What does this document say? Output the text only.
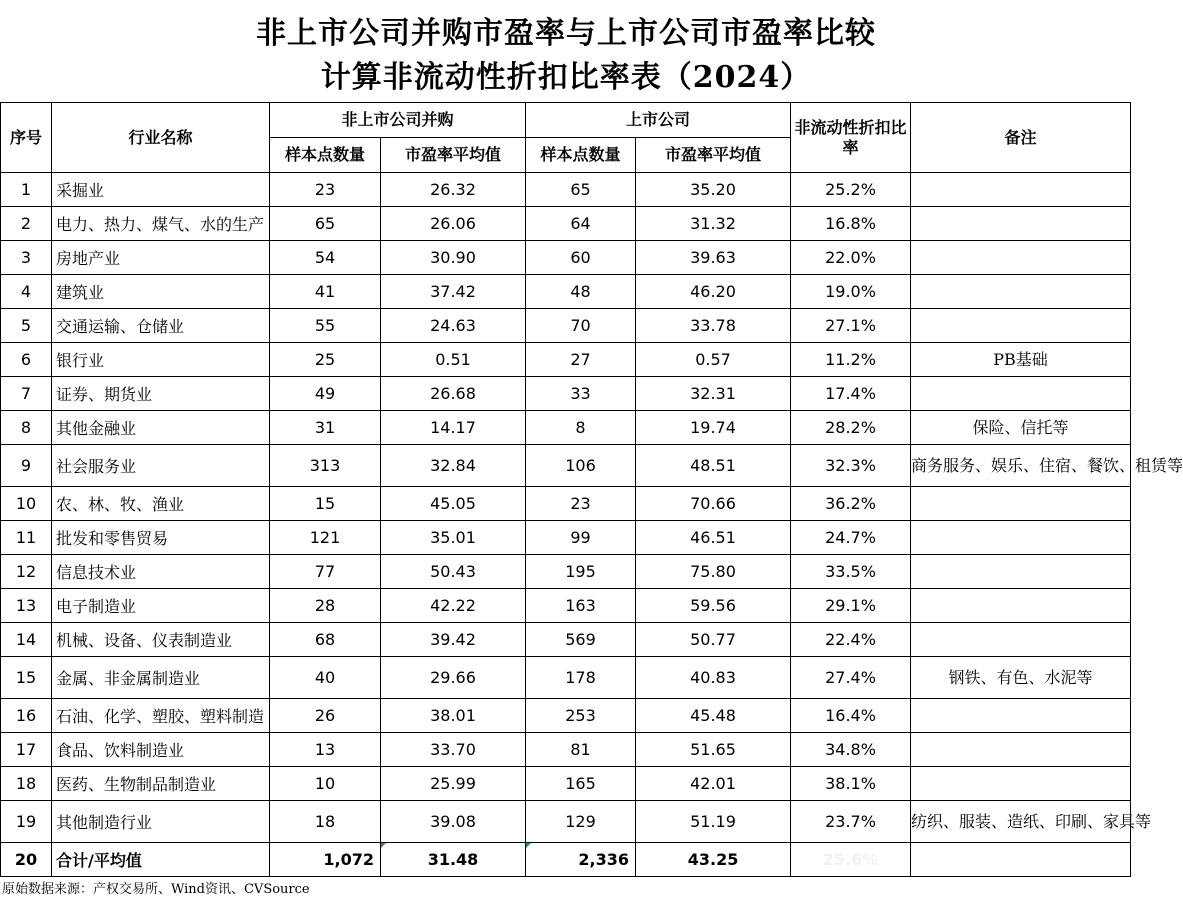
非上市公司并购市盈率与上市公司市盈率比较
计算非流动性折扣比率表（2024）
序号	行业名称	非上市公司并购		上市公司		非流动性折扣比率	备注
		样本点数量	市盈率平均值	样本点数量	市盈率平均值		
1	采掘业	23	26.32	65	35.20	25.2%	
2	电力、热力、煤气、水的生产	65	26.06	64	31.32	16.8%	
3	房地产业	54	30.90	60	39.63	22.0%	
4	建筑业	41	37.42	48	46.20	19.0%	
5	交通运输、仓储业	55	24.63	70	33.78	27.1%	
6	银行业	25	0.51	27	0.57	11.2%	PB基础
7	证券、期货业	49	26.68	33	32.31	17.4%	
8	其他金融业	31	14.17	8	19.74	28.2%	保险、信托等
9	社会服务业	313	32.84	106	48.51	32.3%	商务服务、娱乐、住宿、餐饮、租赁等
10	农、林、牧、渔业	15	45.05	23	70.66	36.2%	
11	批发和零售贸易	121	35.01	99	46.51	24.7%	
12	信息技术业	77	50.43	195	75.80	33.5%	
13	电子制造业	28	42.22	163	59.56	29.1%	
14	机械、设备、仪表制造业	68	39.42	569	50.77	22.4%	
15	金属、非金属制造业	40	29.66	178	40.83	27.4%	钢铁、有色、水泥等
16	石油、化学、塑胶、塑料制造	26	38.01	253	45.48	16.4%	
17	食品、饮料制造业	13	33.70	81	51.65	34.8%	
18	医药、生物制品制造业	10	25.99	165	42.01	38.1%	
19	其他制造行业	18	39.08	129	51.19	23.7%	纺织、服装、造纸、印刷、家具等
20	合计/平均值	1,072	31.48	2,336	43.25	25.6%	
原始数据来源：产权交易所、Wind资讯、CVSource
